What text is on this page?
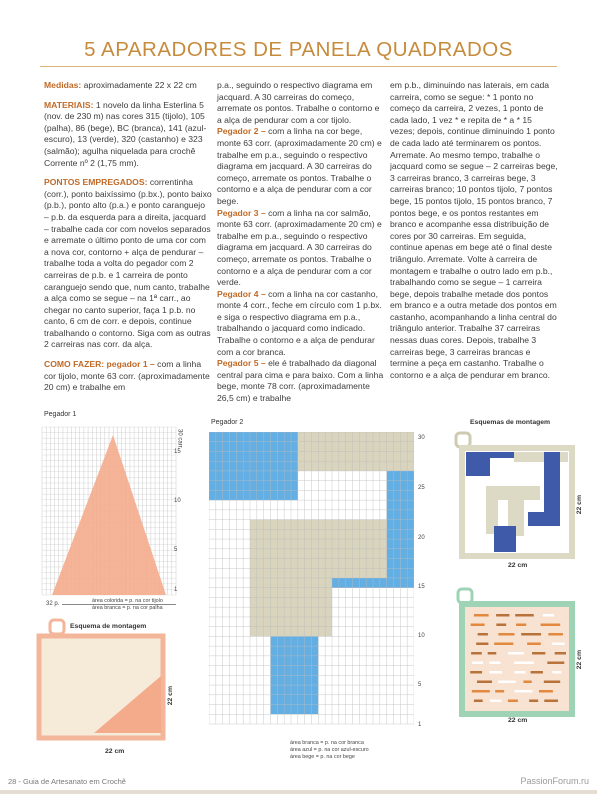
5 APARADORES DE PANELA QUADRADOS

Medidas: aproximadamente 22 x 22 cm

MATERIAIS: 1 novelo da linha Esterlina 5 (nov. de 230 m) nas cores 315 (tijolo), 105 (palha), 86 (bege), BC (branca), 141 (azul-escuro), 13 (verde), 320 (castanho) e 323 (salmão); agulha niquelada para crochê Corrente nº 2 (1,75 mm).

PONTOS EMPREGADOS: correntinha (corr.), ponto baixíssimo (p.bx.), ponto baixo (p.b.), ponto alto (p.a.) e ponto caranguejo – p.b. da esquerda para a direita, jacquard – trabalhe cada cor com novelos separados e arremate o último ponto de uma cor com a nova cor, contorno + alça de pendurar – trabalhe toda a volta do pegador com 2 carreiras de p.b. e 1 carreira de ponto caranguejo sendo que, num canto, trabalhe a alça como se segue – na 1ª carr., ao chegar no canto superior, faça 1 p.b. no canto, 6 cm de corr. e depois, continue trabalhando o contorno. Siga com as outras 2 carreiras nas corr. da alça.

COMO FAZER: pegador 1 – com a linha cor tijolo, monte 63 corr. (aproximadamente 20 cm) e trabalhe em

p.a., seguindo o respectivo diagrama em jacquard. A 30 carreiras do começo, arremate os pontos. Trabalhe o contorno e a alça de pendurar com a cor tijolo.

Pegador 2 – com a linha na cor bege, monte 63 corr. (aproximadamente 20 cm) e trabalhe em p.a., seguindo o respectivo diagrama em jacquard. A 30 carreiras do começo, arremate os pontos. Trabalhe o contorno e a alça de pendurar com a cor bege.

Pegador 3 – com a linha na cor salmão, monte 63 corr. (aproximadamente 20 cm) e trabalhe em p.a., seguindo o respectivo diagrama em jacquard. A 30 carreiras do começo, arremate os pontos. Trabalhe o contorno e a alça de pendurar com a cor verde.

Pegador 4 – com a linha na cor castanho, monte 4 corr., feche em círculo com 1 p.bx. e siga o respectivo diagrama em p.a., trabalhando o jacquard como indicado. Trabalhe o contorno e a alça de pendurar com a cor branca.

Pegador 5 – ele é trabalhado da diagonal central para cima e para baixo. Com a linha bege, monte 78 corr. (aproximadamente 26,5 cm) e trabalhe

em p.b., diminuindo nas laterais, em cada carreira, como se segue: * 1 ponto no começo da carreira, 2 vezes, 1 ponto de cada lado, 1 vez * e repita de * a * 15 vezes; depois, continue diminuindo 1 ponto de cada lado até terminarem os pontos. Arremate. Ao mesmo tempo, trabalhe o jacquard como se segue – 2 carreiras bege, 3 carreiras branco, 3 carreiras bege, 3 carreiras branco; 10 pontos tijolo, 7 pontos bege, 15 pontos tijolo, 15 pontos branco, 7 pontos bege, e os pontos restantes em branco e acompanhe essa distribuição de cores por 30 carreiras. Em seguida, continue apenas em bege até o final deste triângulo. Arremate. Volte à carreira de montagem e trabalhe o outro lado em p.b., trabalhando como se segue – 1 carreira bege, depois trabalhe metade dos pontos em branco e a outra metade dos pontos em castanho, acompanhando a linha central do triângulo anterior. Trabalhe 37 carreiras nessas duas cores. Depois, trabalhe 3 carreiras bege, 3 carreiras brancas e termine a peça em castanho. Trabalhe o contorno e a alça de pendurar em branco.

Pegador 1
30 carr.
15
10
5
1
32 p.	área colorida = p. na cor tijolo
área branca = p. na cor palha
Esquema de montagem
22 cm
22 cm
Pegador 2
30
25
20
15
10
5
1
área branca = p. na cor branca
área azul = p. na cor azul-escuro
área bege = p. na cor bege
Esquemas de montagem
22 cm
22 cm
22 cm
22 cm
28 - Guia de Artesanato em Crochê	PassionForum.ru
